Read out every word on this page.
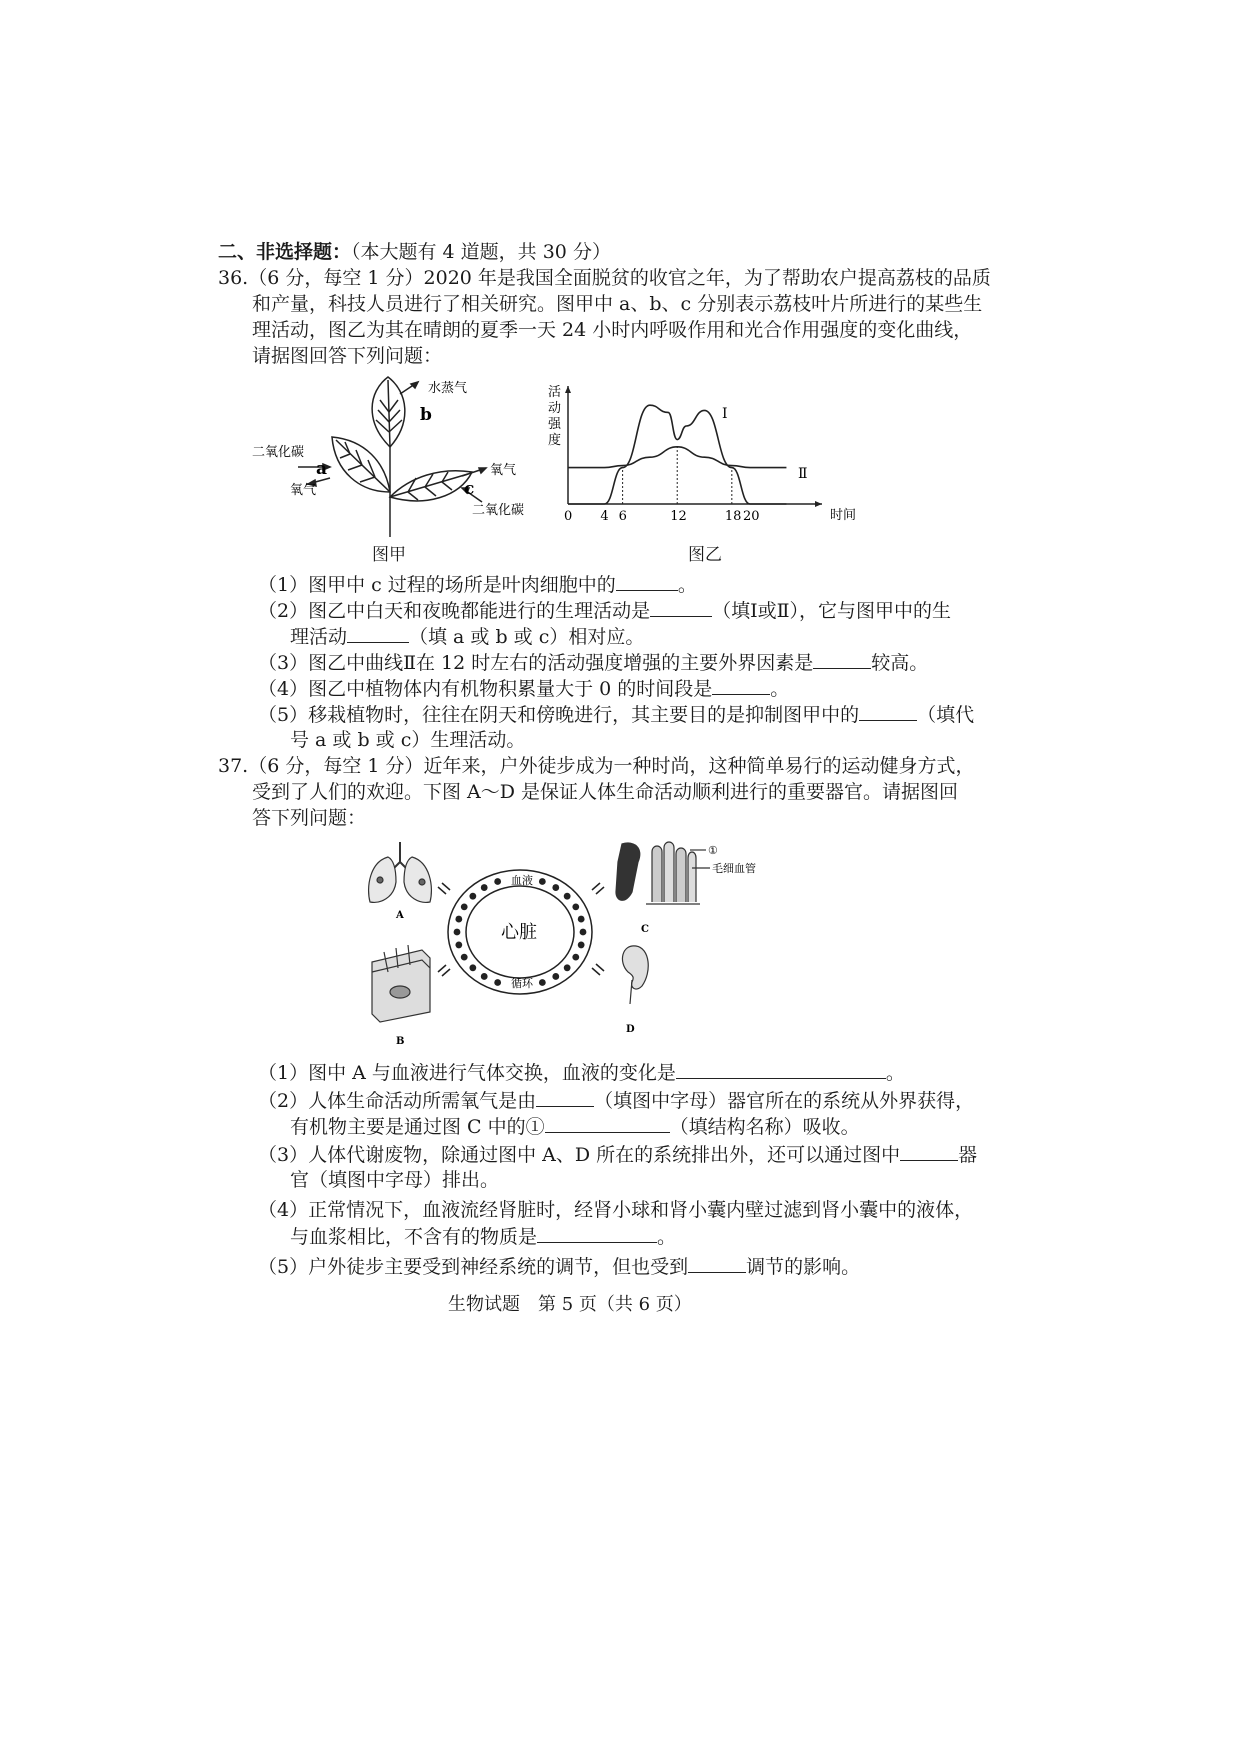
二、非选择题：（本大题有 4 道题，共 30 分）
36.（6 分，每空 1 分）2020 年是我国全面脱贫的收官之年，为了帮助农户提高荔枝的品质
和产量，科技人员进行了相关研究。图甲中 a、b、c 分别表示荔枝叶片所进行的某些生
理活动，图乙为其在晴朗的夏季一天 24 小时内呼吸作用和光合作用强度的变化曲线，
请据图回答下列问题：
水蒸气
b
二氧化碳
a
氧气
氧气
c
二氧化碳
图甲
活
动
强
度
0 4 6	12	18 20	时间
Ⅰ
Ⅱ
图乙
（1）图甲中 c 过程的场所是叶肉细胞中的	。
（2）图乙中白天和夜晚都能进行的生理活动是	（填Ⅰ或Ⅱ），它与图甲中的生
理活动	（填 a 或 b 或 c）相对应。
（3）图乙中曲线Ⅱ在 12 时左右的活动强度增强的主要外界因素是	较高。
（4）图乙中植物体内有机物积累量大于 0 的时间段是	。
（5）移栽植物时，往往在阴天和傍晚进行，其主要目的是抑制图甲中的	（填代
号 a 或 b 或 c）生理活动。
37.（6 分，每空 1 分）近年来，户外徒步成为一种时尚，这种简单易行的运动健身方式，
受到了人们的欢迎。下图 A～D 是保证人体生命活动顺利进行的重要器官。请据图回
答下列问题：
A
B
心脏
血液
循环
①
毛细血管
C
D
（1）图中 A 与血液进行气体交换，血液的变化是	。
（2）人体生命活动所需氧气是由	（填图中字母）器官所在的系统从外界获得，
有机物主要是通过图 C 中的①	（填结构名称）吸收。
（3）人体代谢废物，除通过图中 A、D 所在的系统排出外，还可以通过图中	器
官（填图中字母）排出。
（4）正常情况下，血液流经肾脏时，经肾小球和肾小囊内壁过滤到肾小囊中的液体，
与血浆相比，不含有的物质是	。
（5）户外徒步主要受到神经系统的调节，但也受到	调节的影响。
生物试题　第 5 页（共 6 页）
